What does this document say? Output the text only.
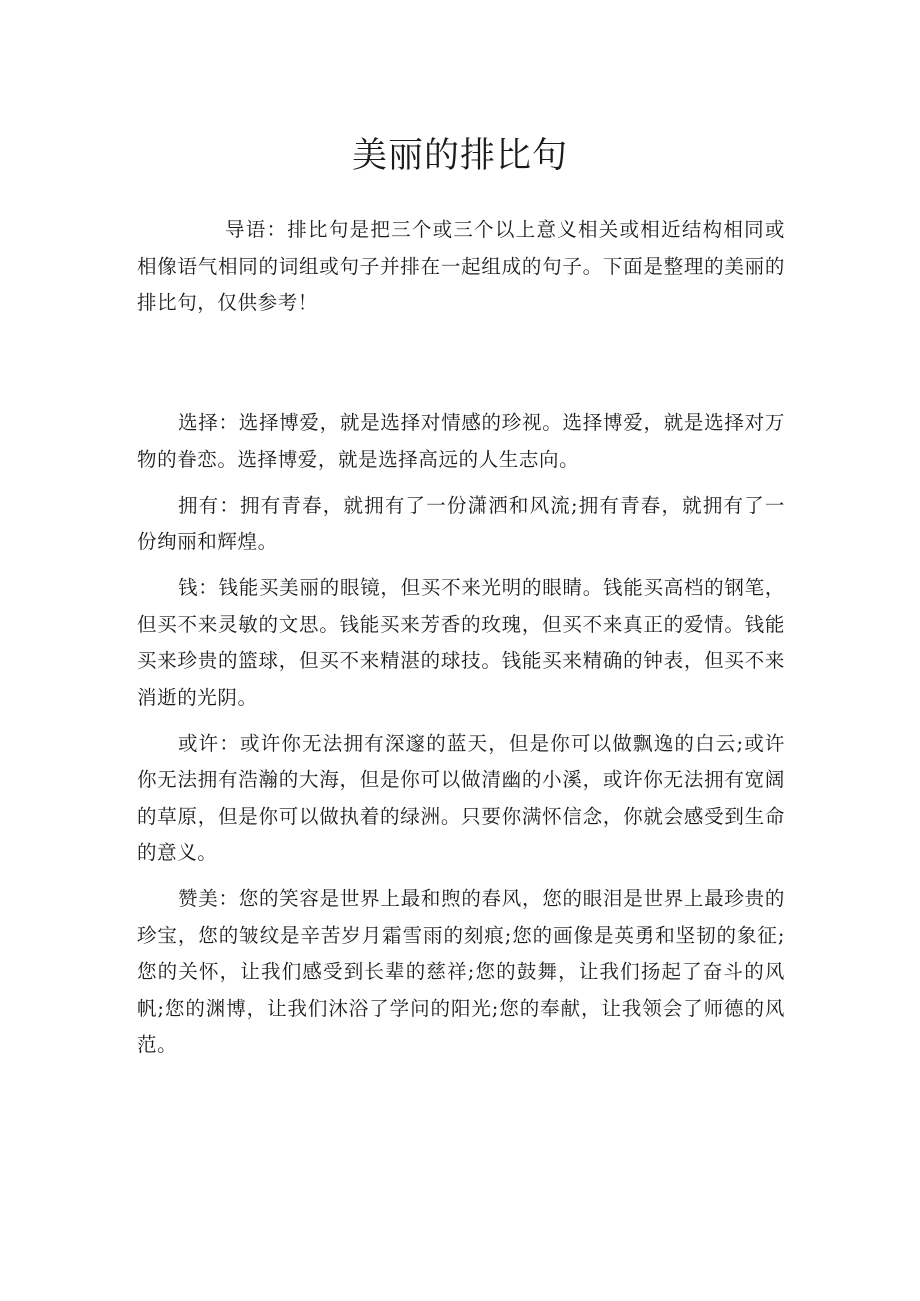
美丽的排比句

导语：排比句是把三个或三个以上意义相关或相近结构相同或相像语气相同的词组或句子并排在一起组成的句子。下面是整理的美丽的排比句，仅供参考！

选择：选择博爱，就是选择对情感的珍视。选择博爱，就是选择对万物的眷恋。选择博爱，就是选择高远的人生志向。

拥有：拥有青春，就拥有了一份潇洒和风流;拥有青春，就拥有了一份绚丽和辉煌。

钱：钱能买美丽的眼镜，但买不来光明的眼睛。钱能买高档的钢笔，但买不来灵敏的文思。钱能买来芳香的玫瑰，但买不来真正的爱情。钱能买来珍贵的篮球，但买不来精湛的球技。钱能买来精确的钟表，但买不来消逝的光阴。

或许：或许你无法拥有深邃的蓝天，但是你可以做飘逸的白云;或许你无法拥有浩瀚的大海，但是你可以做清幽的小溪，或许你无法拥有宽阔的草原，但是你可以做执着的绿洲。只要你满怀信念，你就会感受到生命的意义。

赞美：您的笑容是世界上最和煦的春风，您的眼泪是世界上最珍贵的珍宝，您的皱纹是辛苦岁月霜雪雨的刻痕;您的画像是英勇和坚韧的象征;您的关怀，让我们感受到长辈的慈祥;您的鼓舞，让我们扬起了奋斗的风帆;您的渊博，让我们沐浴了学问的阳光;您的奉献，让我领会了师德的风范。
